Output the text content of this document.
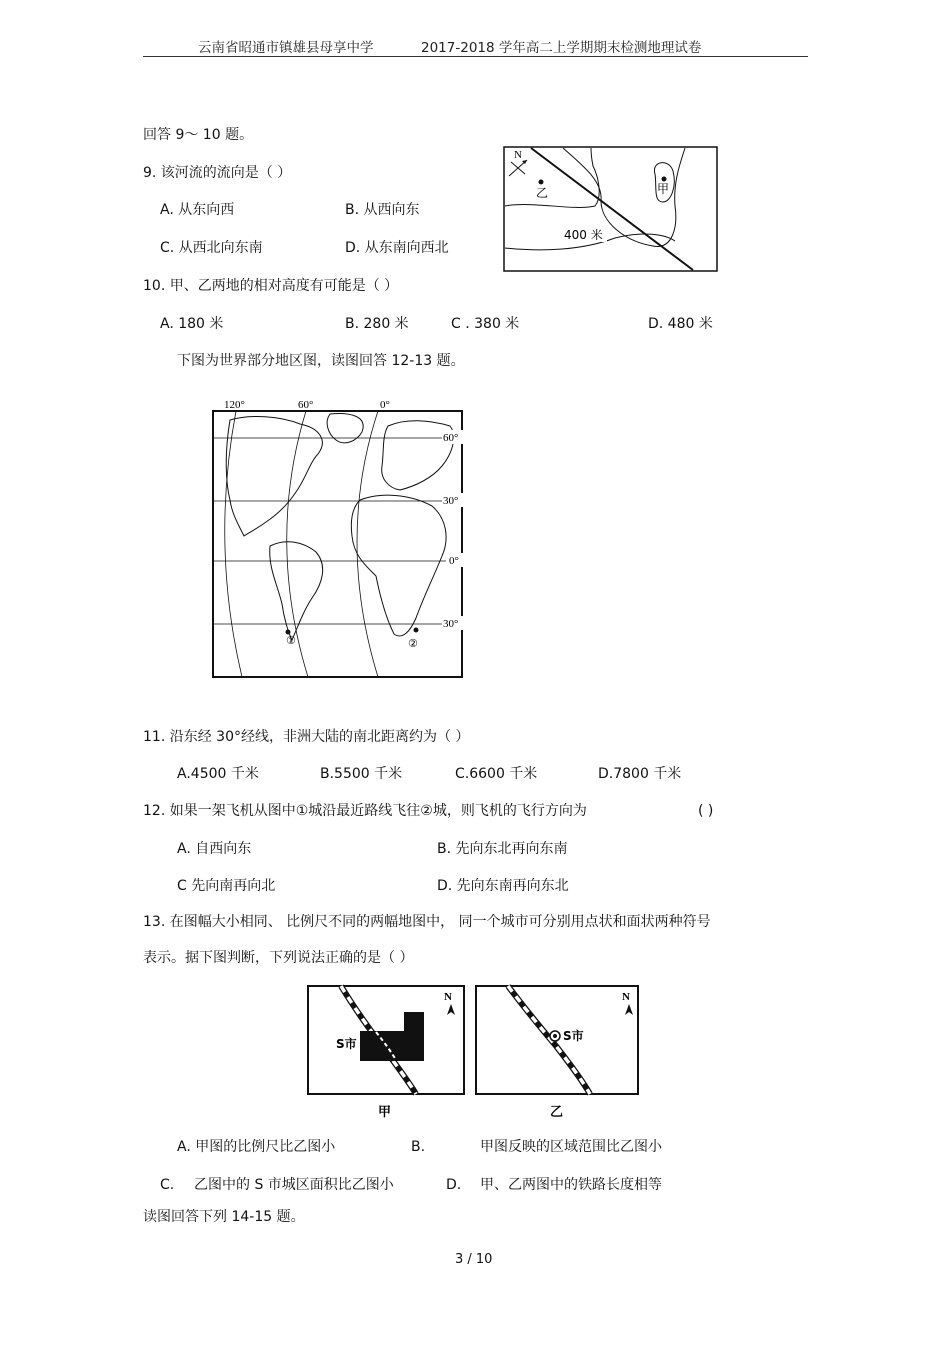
云南省昭通市镇雄县母享中学	2017-2018 学年高二上学期期末检测地理试卷
回答 9～ 10 题。
9. 该河流的流向是（ ）
A. 从东向西	B. 从西向东
C. 从西北向东南	D. 从东南向西北
N
乙	甲
400 米
10. 甲、乙两地的相对高度有可能是（ ）
A. 180 米	B. 280 米	C . 380 米	D. 480 米
下图为世界部分地区图，读图回答 12-13 题。
①	②
120°	60°	0°
60°
30°
0°
30°
11. 沿东经 30°经线，非洲大陆的南北距离约为（ ）
A.4500 千米	B.5500 千米	C.6600 千米	D.7800 千米
12. 如果一架飞机从图中①城沿最近路线飞往②城，则飞机的飞行方向为	( )
A. 自西向东	B. 先向东北再向东南
C 先向南再向北	D. 先向东南再向东北
13. 在图幅大小相同、 比例尺不同的两幅地图中， 同一个城市可分别用点状和面状两种符号
表示。据下图判断，下列说法正确的是（ ）
S市
N
甲
S市
N
乙
A. 甲图的比例尺比乙图小	B.	甲图反映的区域范围比乙图小
C. 乙图中的 S 市城区面积比乙图小	D. 甲、乙两图中的铁路长度相等
读图回答下列 14-15 题。
3 / 10
